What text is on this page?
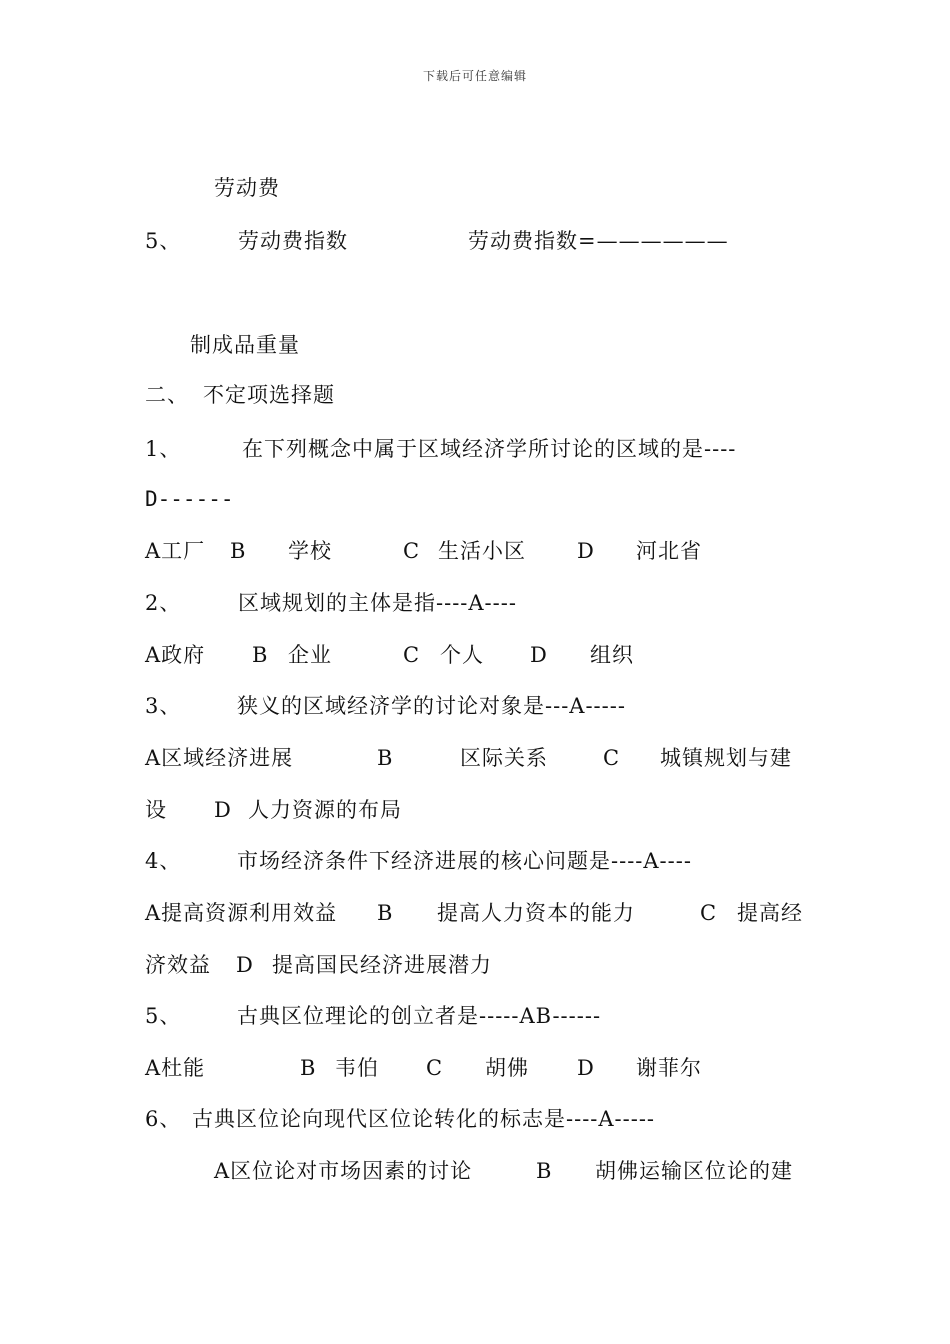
下载后可任意编辑
劳动费
5、	劳动费指数	劳动费指数=——————
制成品重量
二、 不定项选择题
1、	在下列概念中属于区域经济学所讨论的区域的是----
D------
A工厂 B 学校	C 生活小区 D 河北省
2、	区域规划的主体是指----A----
A政府 B 企业	C 个人 D 组织
3、	狭义的区域经济学的讨论对象是---A-----
A区域经济进展	B	区际关系	C 城镇规划与建
设 D 人力资源的布局
4、	市场经济条件下经济进展的核心问题是----A----
A提高资源利用效益 B 提高人力资本的能力	C 提高经
济效益 D 提高国民经济进展潜力
5、	古典区位理论的创立者是-----AB------
A杜能	B 韦伯 C 胡佛 D 谢菲尔
6、 古典区位论向现代区位论转化的标志是----A-----
A区位论对市场因素的讨论	B 胡佛运输区位论的建
